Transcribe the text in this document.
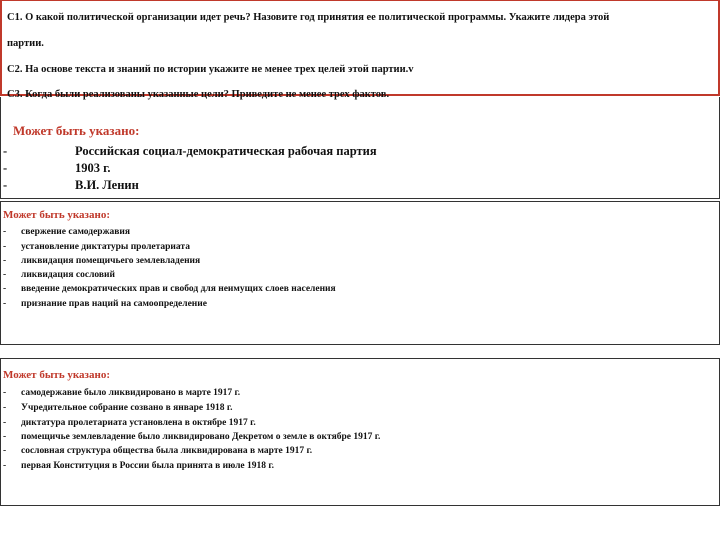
C1. О какой политической организации идет речь? Назовите год принятия ее политической программы. Укажите лидера этой
партии.
C2. На основе текста и знаний по истории укажите не менее трех целей этой партии.v
C3. Когда были реализованы указанные цели? Приведите не менее трех фактов.
Может быть указано:
-	Российская социал-демократическая рабочая партия
-	1903 г.
-	В.И. Ленин
Может быть указано:
- свержение самодержавия
- установление диктатуры пролетариата
- ликвидация помещичьего землевладения
- ликвидация сословий
- введение демократических прав и свобод для неимущих слоев населения
- признание прав наций на самоопределение
Может быть указано:
- самодержавие было ликвидировано в марте 1917 г.
- Учредительное собрание созвано в январе 1918 г.
- диктатура пролетариата установлена в октябре 1917 г.
- помещичье землевладение было ликвидировано Декретом о земле в октябре 1917 г.
- сословная структура общества была ликвидирована в марте 1917 г.
- первая Конституция в России была принята в июле 1918 г.
